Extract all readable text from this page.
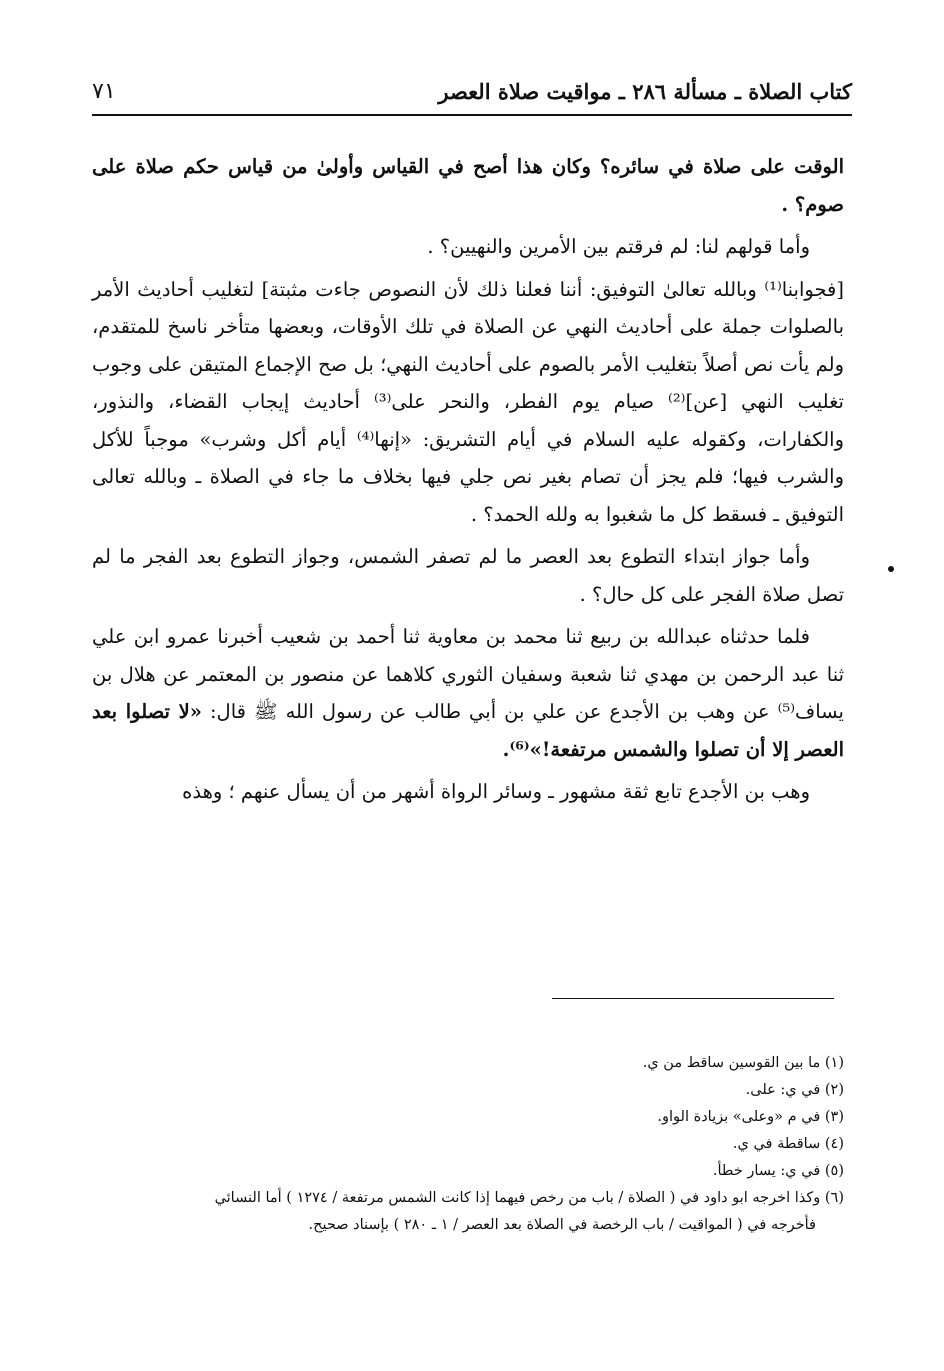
كتاب الصلاة ـ مسألة ٢٨٦ ـ مواقيت صلاة العصر
٧١

الوقت على صلاة في سائره؟ وكان هذا أصح في القياس وأولىٰ من قياس حكم صلاة على صوم؟ .

وأما قولهم لنا: لم فرقتم بين الأمرين والنهيين؟ .

[فجوابنا⁽¹⁾ وبالله تعالىٰ التوفيق: أننا فعلنا ذلك لأن النصوص جاءت مثبتة] لتغليب أحاديث الأمر بالصلوات جملة على أحاديث النهي عن الصلاة في تلك الأوقات، وبعضها متأخر ناسخ للمتقدم، ولم يأت نص أصلاً بتغليب الأمر بالصوم على أحاديث النهي؛ بل صح الإجماع المتيقن على وجوب تغليب النهي [عن]⁽²⁾ صيام يوم الفطر، والنحر على⁽³⁾ أحاديث إيجاب القضاء، والنذور، والكفارات، وكقوله عليه السلام في أيام التشريق: «إنها⁽⁴⁾ أيام أكل وشرب» موجباً للأكل والشرب فيها؛ فلم يجز أن تصام بغير نص جلي فيها بخلاف ما جاء في الصلاة ـ وبالله تعالى التوفيق ـ فسقط كل ما شغبوا به ولله الحمد؟ .

وأما جواز ابتداء التطوع بعد العصر ما لم تصفر الشمس، وجواز التطوع بعد الفجر ما لم تصل صلاة الفجر على كل حال؟ .

فلما حدثناه عبدالله بن ربيع ثنا محمد بن معاوية ثنا أحمد بن شعيب أخبرنا عمرو ابن علي ثنا عبد الرحمن بن مهدي ثنا شعبة وسفيان الثوري كلاهما عن منصور بن المعتمر عن هلال بن يساف⁽⁵⁾ عن وهب بن الأجدع عن علي بن أبي طالب عن رسول الله ﷺ قال: «لا تصلوا بعد العصر إلا أن تصلوا والشمس مرتفعة!»⁽⁶⁾.

وهب بن الأجدع تابع ثقة مشهور ـ وسائر الرواة أشهر من أن يسأل عنهم ؛ وهذه

(١) ما بين القوسين ساقط من ي.

(٢) في ي: على.

(٣) في م «وعلى» بزيادة الواو.

(٤) ساقطة في ي.

(٥) في ي: يسار خطأ.

(٦) وكذا اخرجه ابو داود في ( الصلاة / باب من رخص فيهما إذا كانت الشمس مرتفعة / ١٢٧٤ ) أما النسائي

فأخرجه في ( المواقيت / باب الرخصة في الصلاة بعد العصر / ١ ـ ٢٨٠ ) بإسناد صحيح.
